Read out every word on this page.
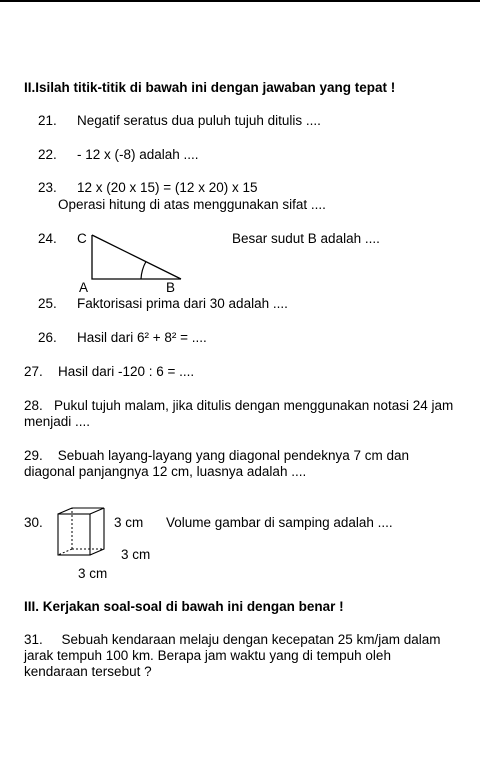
II.Isilah titik-titik di bawah ini dengan jawaban yang tepat !
21. Negatif seratus dua puluh tujuh ditulis ....
22. - 12 x (-8) adalah ....
23. 12 x (20 x 15) = (12 x 20) x 15
Operasi hitung di atas menggunakan sifat ....
24. C
A	B
Besar sudut B adalah ....
25. Faktorisasi prima dari 30 adalah ....
26. Hasil dari 6² + 8² = ....
27. Hasil dari -120 : 6 = ....
28. Pukul tujuh malam, jika ditulis dengan menggunakan notasi 24 jam menjadi ....
29. Sebuah layang-layang yang diagonal pendeknya 7 cm dan diagonal panjangnya 12 cm, luasnya adalah ....
30.	3 cm
3 cm
3 cm
Volume gambar di samping adalah ....
III. Kerjakan soal-soal di bawah ini dengan benar !
31. Sebuah kendaraan melaju dengan kecepatan 25 km/jam dalam jarak tempuh 100 km. Berapa jam waktu yang di tempuh oleh kendaraan tersebut ?
